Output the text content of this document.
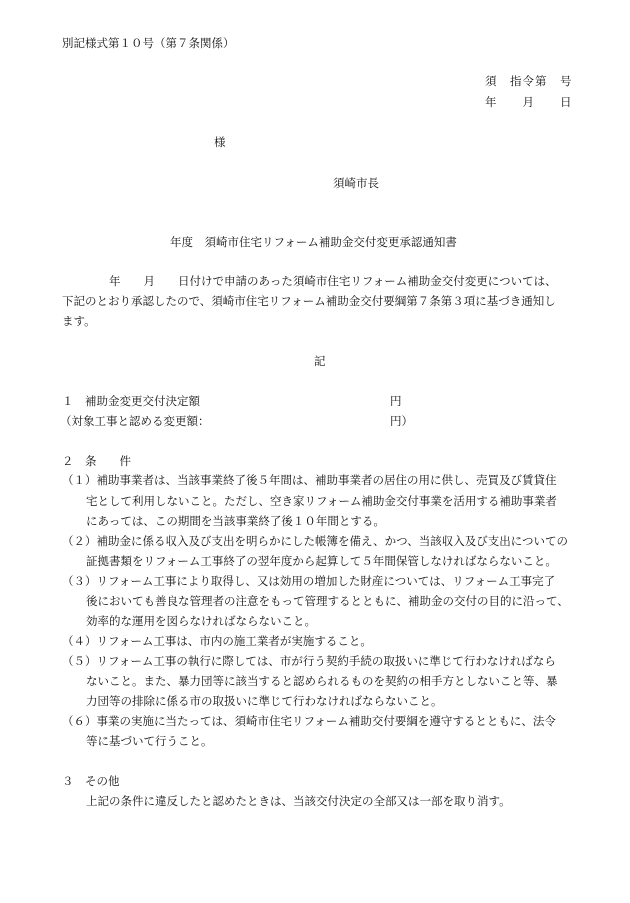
別記様式第１０号（第７条関係）
須　指令第　号
年　　月　　日
様
須崎市長
年度　須崎市住宅リフォーム補助金交付変更承認通知書
年　　月　　日付けで申請のあった須崎市住宅リフォーム補助金交付変更については、
下記のとおり承認したので、須崎市住宅リフォーム補助金交付要綱第７条第３項に基づき通知し
ます。
記
１　補助金変更交付決定額	円
（対象工事と認める変更額：	円）
２　条　　件
（１）補助事業者は、当該事業終了後５年間は、補助事業者の居住の用に供し、売買及び賃貸住
宅として利用しないこと。ただし、空き家リフォーム補助金交付事業を活用する補助事業者
にあっては、この期間を当該事業終了後１０年間とする。
（２）補助金に係る収入及び支出を明らかにした帳簿を備え、かつ、当該収入及び支出についての
証拠書類をリフォーム工事終了の翌年度から起算して５年間保管しなければならないこと。
（３）リフォーム工事により取得し、又は効用の増加した財産については、リフォーム工事完了
後においても善良な管理者の注意をもって管理するとともに、補助金の交付の目的に沿って、
効率的な運用を図らなければならないこと。
（４）リフォーム工事は、市内の施工業者が実施すること。
（５）リフォーム工事の執行に際しては、市が行う契約手続の取扱いに準じて行わなければなら
ないこと。また、暴力団等に該当すると認められるものを契約の相手方としないこと等、暴
力団等の排除に係る市の取扱いに準じて行わなければならないこと。
（６）事業の実施に当たっては、須崎市住宅リフォーム補助交付要綱を遵守するとともに、法令
等に基づいて行うこと。
３　その他
上記の条件に違反したと認めたときは、当該交付決定の全部又は一部を取り消す。
